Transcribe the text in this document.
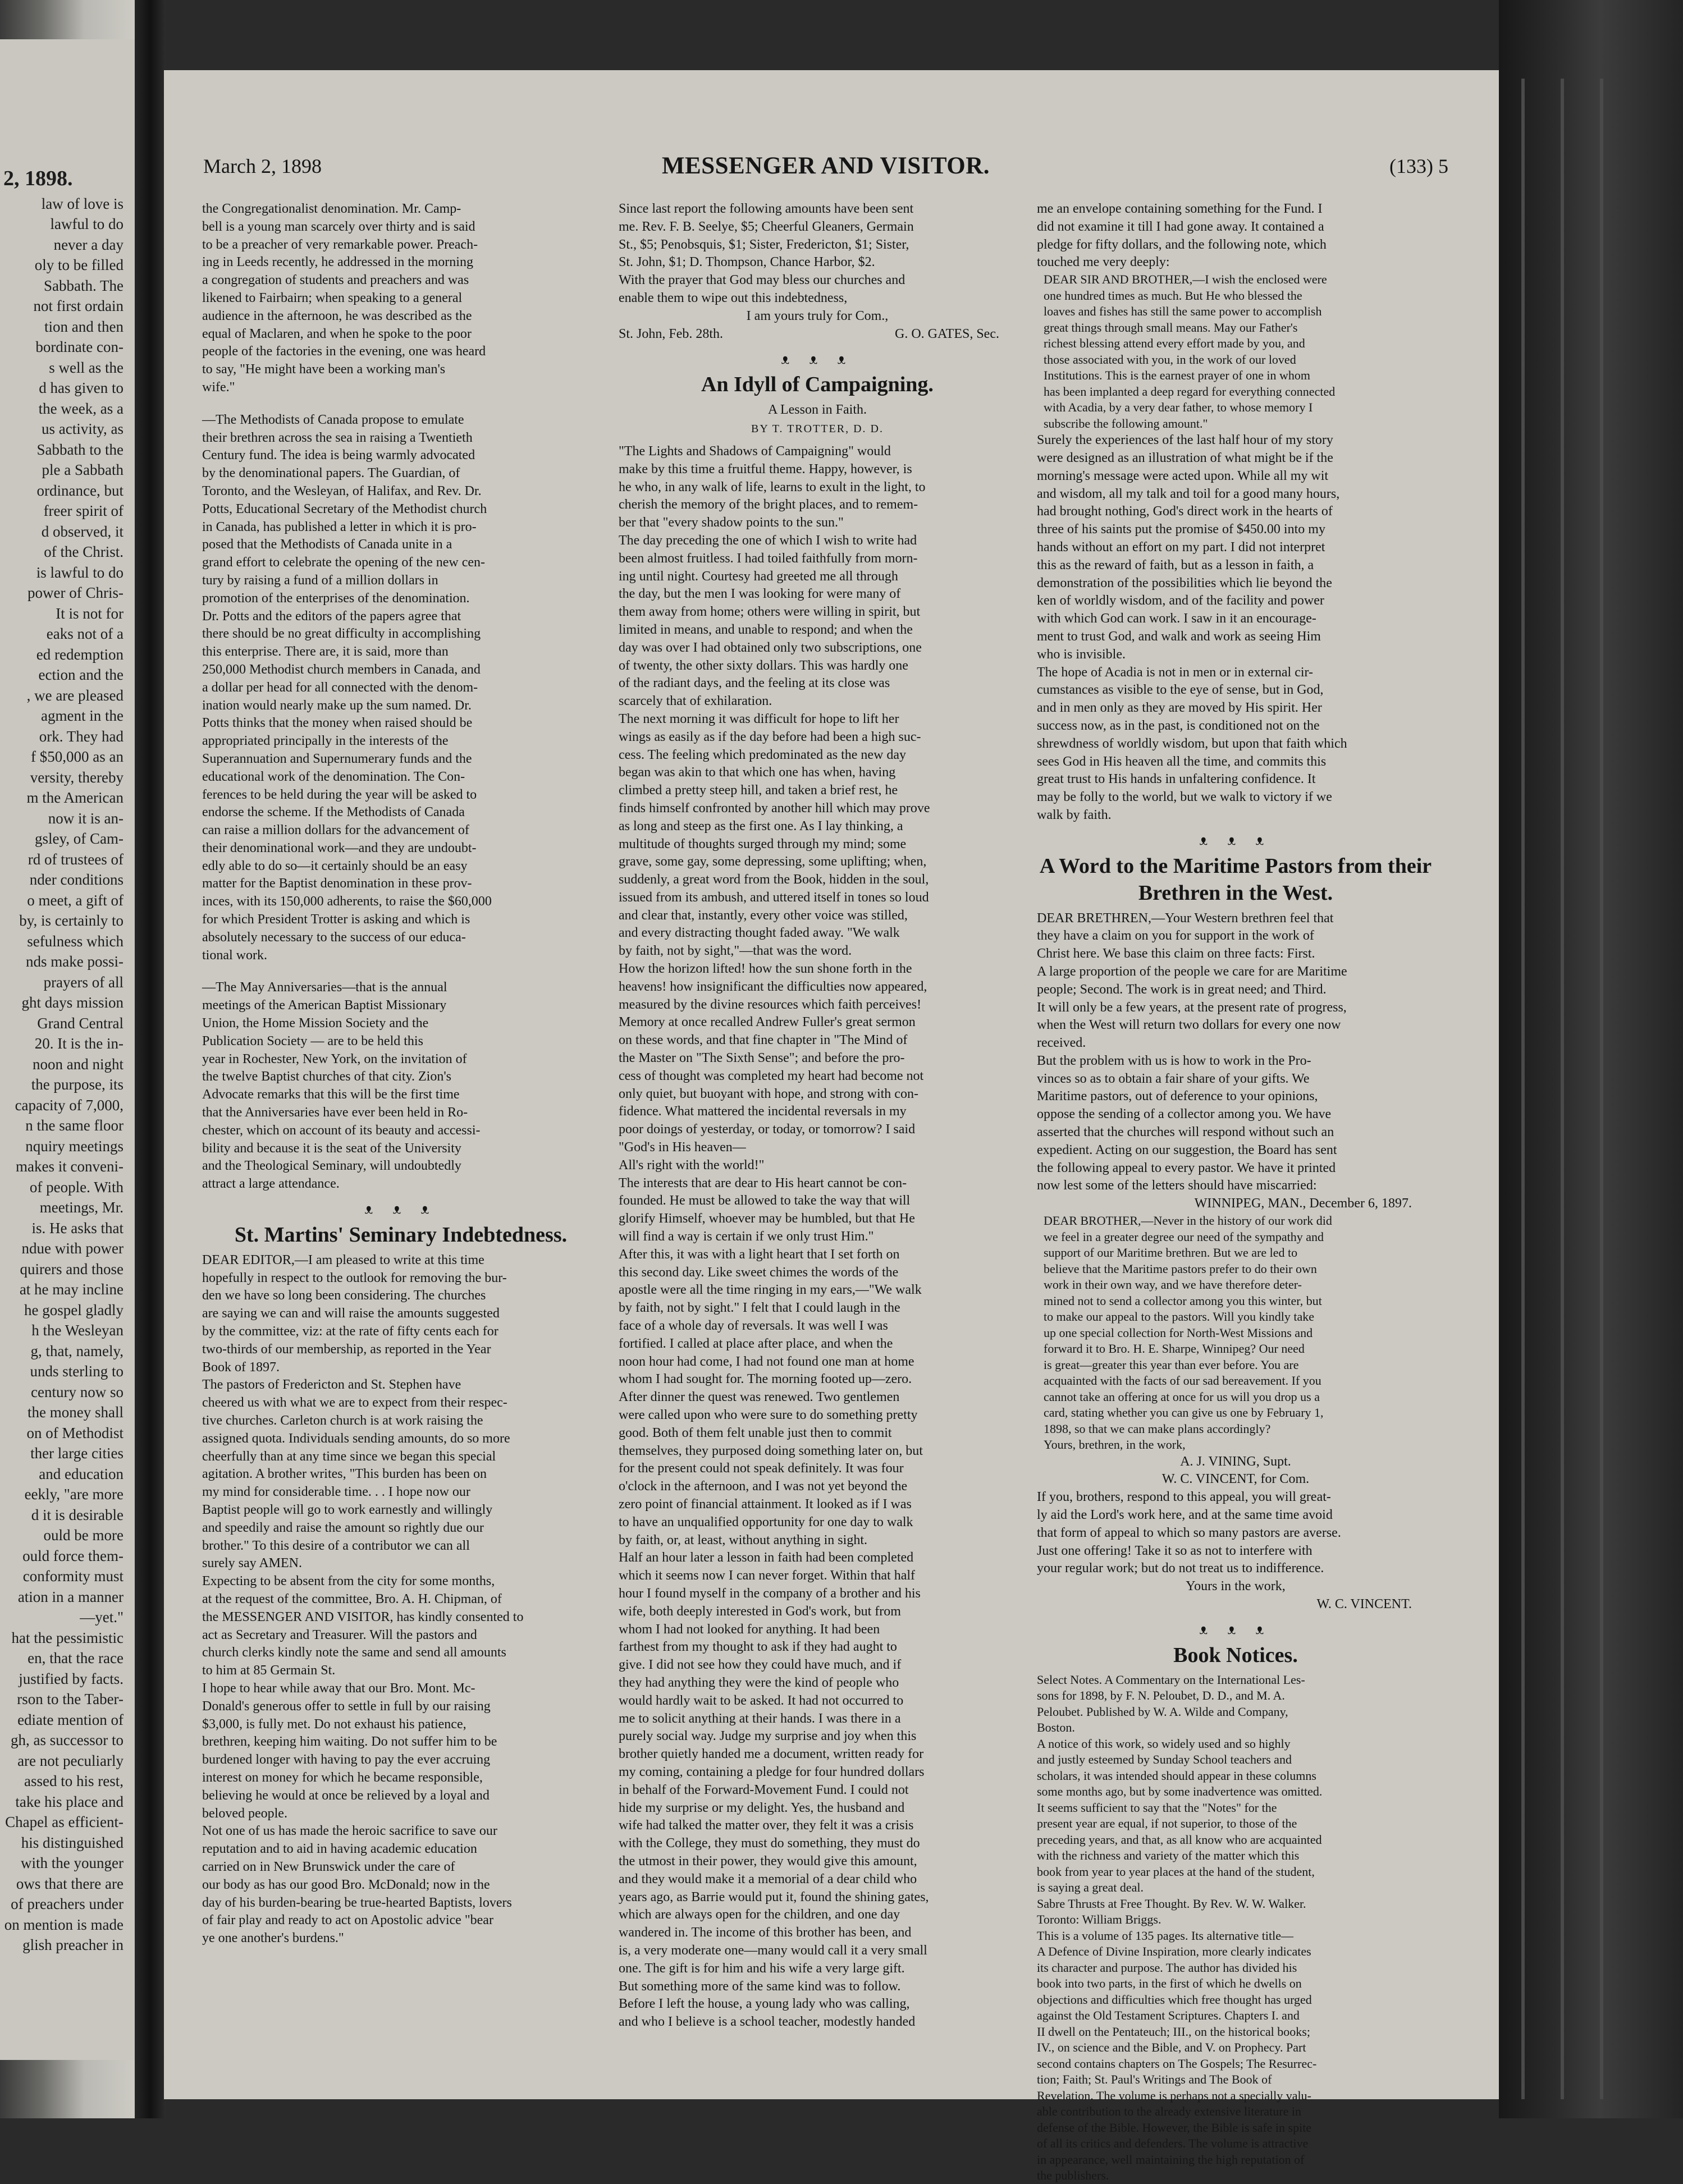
2, 1898.
law of love is
lawful to do
never a day
oly to be filled
Sabbath. The
not first ordain
tion and then
bordinate con-
s well as the
d has given to
the week, as a
us activity, as
Sabbath to the
ple a Sabbath
ordinance, but
freer spirit of
d observed, it
of the Christ.
is lawful to do
power of Chris-
It is not for
eaks not of a
ed redemption
ection and the
, we are pleased
agment in the
ork. They had
f $50,000 as an
versity, thereby
m the American
now it is an-
gsley, of Cam-
rd of trustees of
nder conditions
o meet, a gift of
by, is certainly to
sefulness which
nds make possi-
prayers of all
ght days mission
Grand Central
20. It is the in-
noon and night
the purpose, its
capacity of 7,000,
n the same floor
nquiry meetings
makes it conveni-
of people. With
meetings, Mr.
is. He asks that
ndue with power
quirers and those
at he may incline
he gospel gladly
h the Wesleyan
g, that, namely,
unds sterling to
century now so
the money shall
on of Methodist
ther large cities
and education
eekly, "are more
d it is desirable
ould be more
ould force them-
conformity must
ation in a manner
—yet."
hat the pessimistic
en, that the race
justified by facts.
rson to the Taber-
ediate mention of
gh, as successor to
are not peculiarly
assed to his rest,
take his place and
Chapel as efficient-
his distinguished
with the younger
ows that there are
of preachers under
on mention is made
glish preacher in
March 2, 1898	MESSENGER AND VISITOR.	(133) 5
the Congregationalist denomination. Mr. Camp-
bell is a young man scarcely over thirty and is said
to be a preacher of very remarkable power. Preach-
ing in Leeds recently, he addressed in the morning
a congregation of students and preachers and was
likened to Fairbairn; when speaking to a general
audience in the afternoon, he was described as the
equal of Maclaren, and when he spoke to the poor
people of the factories in the evening, one was heard
to say, "He might have been a working man's
wife."
—The Methodists of Canada propose to emulate
their brethren across the sea in raising a Twentieth
Century fund. The idea is being warmly advocated
by the denominational papers. The Guardian, of
Toronto, and the Wesleyan, of Halifax, and Rev. Dr.
Potts, Educational Secretary of the Methodist church
in Canada, has published a letter in which it is pro-
posed that the Methodists of Canada unite in a
grand effort to celebrate the opening of the new cen-
tury by raising a fund of a million dollars in
promotion of the enterprises of the denomination.
Dr. Potts and the editors of the papers agree that
there should be no great difficulty in accomplishing
this enterprise. There are, it is said, more than
250,000 Methodist church members in Canada, and
a dollar per head for all connected with the denom-
ination would nearly make up the sum named. Dr.
Potts thinks that the money when raised should be
appropriated principally in the interests of the
Superannuation and Supernumerary funds and the
educational work of the denomination. The Con-
ferences to be held during the year will be asked to
endorse the scheme. If the Methodists of Canada
can raise a million dollars for the advancement of
their denominational work—and they are undoubt-
edly able to do so—it certainly should be an easy
matter for the Baptist denomination in these prov-
inces, with its 150,000 adherents, to raise the $60,000
for which President Trotter is asking and which is
absolutely necessary to the success of our educa-
tional work.
—The May Anniversaries—that is the annual
meetings of the American Baptist Missionary
Union, the Home Mission Society and the
Publication Society — are to be held this
year in Rochester, New York, on the invitation of
the twelve Baptist churches of that city. Zion's
Advocate remarks that this will be the first time
that the Anniversaries have ever been held in Ro-
chester, which on account of its beauty and accessi-
bility and because it is the seat of the University
and the Theological Seminary, will undoubtedly
attract a large attendance.
ᴥ ᴥ ᴥ
St. Martins' Seminary Indebtedness.
DEAR EDITOR,—I am pleased to write at this time
hopefully in respect to the outlook for removing the bur-
den we have so long been considering. The churches
are saying we can and will raise the amounts suggested
by the committee, viz: at the rate of fifty cents each for
two-thirds of our membership, as reported in the Year
Book of 1897.
The pastors of Fredericton and St. Stephen have
cheered us with what we are to expect from their respec-
tive churches. Carleton church is at work raising the
assigned quota. Individuals sending amounts, do so more
cheerfully than at any time since we began this special
agitation. A brother writes, "This burden has been on
my mind for considerable time. . . I hope now our
Baptist people will go to work earnestly and willingly
and speedily and raise the amount so rightly due our
brother." To this desire of a contributor we can all
surely say AMEN.
Expecting to be absent from the city for some months,
at the request of the committee, Bro. A. H. Chipman, of
the MESSENGER AND VISITOR, has kindly consented to
act as Secretary and Treasurer. Will the pastors and
church clerks kindly note the same and send all amounts
to him at 85 Germain St.
I hope to hear while away that our Bro. Mont. Mc-
Donald's generous offer to settle in full by our raising
$3,000, is fully met. Do not exhaust his patience,
brethren, keeping him waiting. Do not suffer him to be
burdened longer with having to pay the ever accruing
interest on money for which he became responsible,
believing he would at once be relieved by a loyal and
beloved people.
Not one of us has made the heroic sacrifice to save our
reputation and to aid in having academic education
carried on in New Brunswick under the care of
our body as has our good Bro. McDonald; now in the
day of his burden-bearing be true-hearted Baptists, lovers
of fair play and ready to act on Apostolic advice "bear
ye one another's burdens."
Since last report the following amounts have been sent
me. Rev. F. B. Seelye, $5; Cheerful Gleaners, Germain
St., $5; Penobsquis, $1; Sister, Fredericton, $1; Sister,
St. John, $1; D. Thompson, Chance Harbor, $2.
With the prayer that God may bless our churches and
enable them to wipe out this indebtedness,
I am yours truly for Com.,
St. John, Feb. 28th.	G. O. GATES, Sec.
ᴥ ᴥ ᴥ
An Idyll of Campaigning.
A Lesson in Faith.
BY T. TROTTER, D. D.
"The Lights and Shadows of Campaigning" would
make by this time a fruitful theme. Happy, however, is
he who, in any walk of life, learns to exult in the light, to
cherish the memory of the bright places, and to remem-
ber that "every shadow points to the sun."
The day preceding the one of which I wish to write had
been almost fruitless. I had toiled faithfully from morn-
ing until night. Courtesy had greeted me all through
the day, but the men I was looking for were many of
them away from home; others were willing in spirit, but
limited in means, and unable to respond; and when the
day was over I had obtained only two subscriptions, one
of twenty, the other sixty dollars. This was hardly one
of the radiant days, and the feeling at its close was
scarcely that of exhilaration.
The next morning it was difficult for hope to lift her
wings as easily as if the day before had been a high suc-
cess. The feeling which predominated as the new day
began was akin to that which one has when, having
climbed a pretty steep hill, and taken a brief rest, he
finds himself confronted by another hill which may prove
as long and steep as the first one. As I lay thinking, a
multitude of thoughts surged through my mind; some
grave, some gay, some depressing, some uplifting; when,
suddenly, a great word from the Book, hidden in the soul,
issued from its ambush, and uttered itself in tones so loud
and clear that, instantly, every other voice was stilled,
and every distracting thought faded away. "We walk
by faith, not by sight,"—that was the word.
How the horizon lifted! how the sun shone forth in the
heavens! how insignificant the difficulties now appeared,
measured by the divine resources which faith perceives!
Memory at once recalled Andrew Fuller's great sermon
on these words, and that fine chapter in "The Mind of
the Master on "The Sixth Sense"; and before the pro-
cess of thought was completed my heart had become not
only quiet, but buoyant with hope, and strong with con-
fidence. What mattered the incidental reversals in my
poor doings of yesterday, or today, or tomorrow? I said
"God's in His heaven—
All's right with the world!"
The interests that are dear to His heart cannot be con-
founded. He must be allowed to take the way that will
glorify Himself, whoever may be humbled, but that He
will find a way is certain if we only trust Him."
After this, it was with a light heart that I set forth on
this second day. Like sweet chimes the words of the
apostle were all the time ringing in my ears,—"We walk
by faith, not by sight." I felt that I could laugh in the
face of a whole day of reversals. It was well I was
fortified. I called at place after place, and when the
noon hour had come, I had not found one man at home
whom I had sought for. The morning footed up—zero.
After dinner the quest was renewed. Two gentlemen
were called upon who were sure to do something pretty
good. Both of them felt unable just then to commit
themselves, they purposed doing something later on, but
for the present could not speak definitely. It was four
o'clock in the afternoon, and I was not yet beyond the
zero point of financial attainment. It looked as if I was
to have an unqualified opportunity for one day to walk
by faith, or, at least, without anything in sight.
Half an hour later a lesson in faith had been completed
which it seems now I can never forget. Within that half
hour I found myself in the company of a brother and his
wife, both deeply interested in God's work, but from
whom I had not looked for anything. It had been
farthest from my thought to ask if they had aught to
give. I did not see how they could have much, and if
they had anything they were the kind of people who
would hardly wait to be asked. It had not occurred to
me to solicit anything at their hands. I was there in a
purely social way. Judge my surprise and joy when this
brother quietly handed me a document, written ready for
my coming, containing a pledge for four hundred dollars
in behalf of the Forward-Movement Fund. I could not
hide my surprise or my delight. Yes, the husband and
wife had talked the matter over, they felt it was a crisis
with the College, they must do something, they must do
the utmost in their power, they would give this amount,
and they would make it a memorial of a dear child who
years ago, as Barrie would put it, found the shining gates,
which are always open for the children, and one day
wandered in. The income of this brother has been, and
is, a very moderate one—many would call it a very small
one. The gift is for him and his wife a very large gift.
But something more of the same kind was to follow.
Before I left the house, a young lady who was calling,
and who I believe is a school teacher, modestly handed
me an envelope containing something for the Fund. I
did not examine it till I had gone away. It contained a
pledge for fifty dollars, and the following note, which
touched me very deeply:
DEAR SIR AND BROTHER,—I wish the enclosed were
one hundred times as much. But He who blessed the
loaves and fishes has still the same power to accomplish
great things through small means. May our Father's
richest blessing attend every effort made by you, and
those associated with you, in the work of our loved
Institutions. This is the earnest prayer of one in whom
has been implanted a deep regard for everything connected
with Acadia, by a very dear father, to whose memory I
subscribe the following amount."
Surely the experiences of the last half hour of my story
were designed as an illustration of what might be if the
morning's message were acted upon. While all my wit
and wisdom, all my talk and toil for a good many hours,
had brought nothing, God's direct work in the hearts of
three of his saints put the promise of $450.00 into my
hands without an effort on my part. I did not interpret
this as the reward of faith, but as a lesson in faith, a
demonstration of the possibilities which lie beyond the
ken of worldly wisdom, and of the facility and power
with which God can work. I saw in it an encourage-
ment to trust God, and walk and work as seeing Him
who is invisible.
The hope of Acadia is not in men or in external cir-
cumstances as visible to the eye of sense, but in God,
and in men only as they are moved by His spirit. Her
success now, as in the past, is conditioned not on the
shrewdness of worldly wisdom, but upon that faith which
sees God in His heaven all the time, and commits this
great trust to His hands in unfaltering confidence. It
may be folly to the world, but we walk to victory if we
walk by faith.
ᴥ ᴥ ᴥ
A Word to the Maritime Pastors from their Brethren in the West.
DEAR BRETHREN,—Your Western brethren feel that
they have a claim on you for support in the work of
Christ here. We base this claim on three facts: First.
A large proportion of the people we care for are Maritime
people; Second. The work is in great need; and Third.
It will only be a few years, at the present rate of progress,
when the West will return two dollars for every one now
received.
But the problem with us is how to work in the Pro-
vinces so as to obtain a fair share of your gifts. We
Maritime pastors, out of deference to your opinions,
oppose the sending of a collector among you. We have
asserted that the churches will respond without such an
expedient. Acting on our suggestion, the Board has sent
the following appeal to every pastor. We have it printed
now lest some of the letters should have miscarried:
WINNIPEG, MAN., December 6, 1897.
DEAR BROTHER,—Never in the history of our work did
we feel in a greater degree our need of the sympathy and
support of our Maritime brethren. But we are led to
believe that the Maritime pastors prefer to do their own
work in their own way, and we have therefore deter-
mined not to send a collector among you this winter, but
to make our appeal to the pastors. Will you kindly take
up one special collection for North-West Missions and
forward it to Bro. H. E. Sharpe, Winnipeg? Our need
is great—greater this year than ever before. You are
acquainted with the facts of our sad bereavement. If you
cannot take an offering at once for us will you drop us a
card, stating whether you can give us one by February 1,
1898, so that we can make plans accordingly?
Yours, brethren, in the work,
A. J. VINING, Supt.
W. C. VINCENT, for Com.
If you, brothers, respond to this appeal, you will great-
ly aid the Lord's work here, and at the same time avoid
that form of appeal to which so many pastors are averse.
Just one offering! Take it so as not to interfere with
your regular work; but do not treat us to indifference.
Yours in the work,
W. C. VINCENT.
ᴥ ᴥ ᴥ
Book Notices.
Select Notes. A Commentary on the International Les-
sons for 1898, by F. N. Peloubet, D. D., and M. A.
Peloubet. Published by W. A. Wilde and Company,
Boston.
A notice of this work, so widely used and so highly
and justly esteemed by Sunday School teachers and
scholars, it was intended should appear in these columns
some months ago, but by some inadvertence was omitted.
It seems sufficient to say that the "Notes" for the
present year are equal, if not superior, to those of the
preceding years, and that, as all know who are acquainted
with the richness and variety of the matter which this
book from year to year places at the hand of the student,
is saying a great deal.
Sabre Thrusts at Free Thought. By Rev. W. W. Walker.
Toronto: William Briggs.
This is a volume of 135 pages. Its alternative title—
A Defence of Divine Inspiration, more clearly indicates
its character and purpose. The author has divided his
book into two parts, in the first of which he dwells on
objections and difficulties which free thought has urged
against the Old Testament Scriptures. Chapters I. and
II dwell on the Pentateuch; III., on the historical books;
IV., on science and the Bible, and V. on Prophecy. Part
second contains chapters on The Gospels; The Resurrec-
tion; Faith; St. Paul's Writings and The Book of
Revelation. The volume is perhaps not a specially valu-
able contribution to the already extensive literature in
defense of the Bible. However, the Bible is safe in spite
of all its critics and defenders. The volume is attractive
in appearance, well maintaining the high reputation of
the publishers.
